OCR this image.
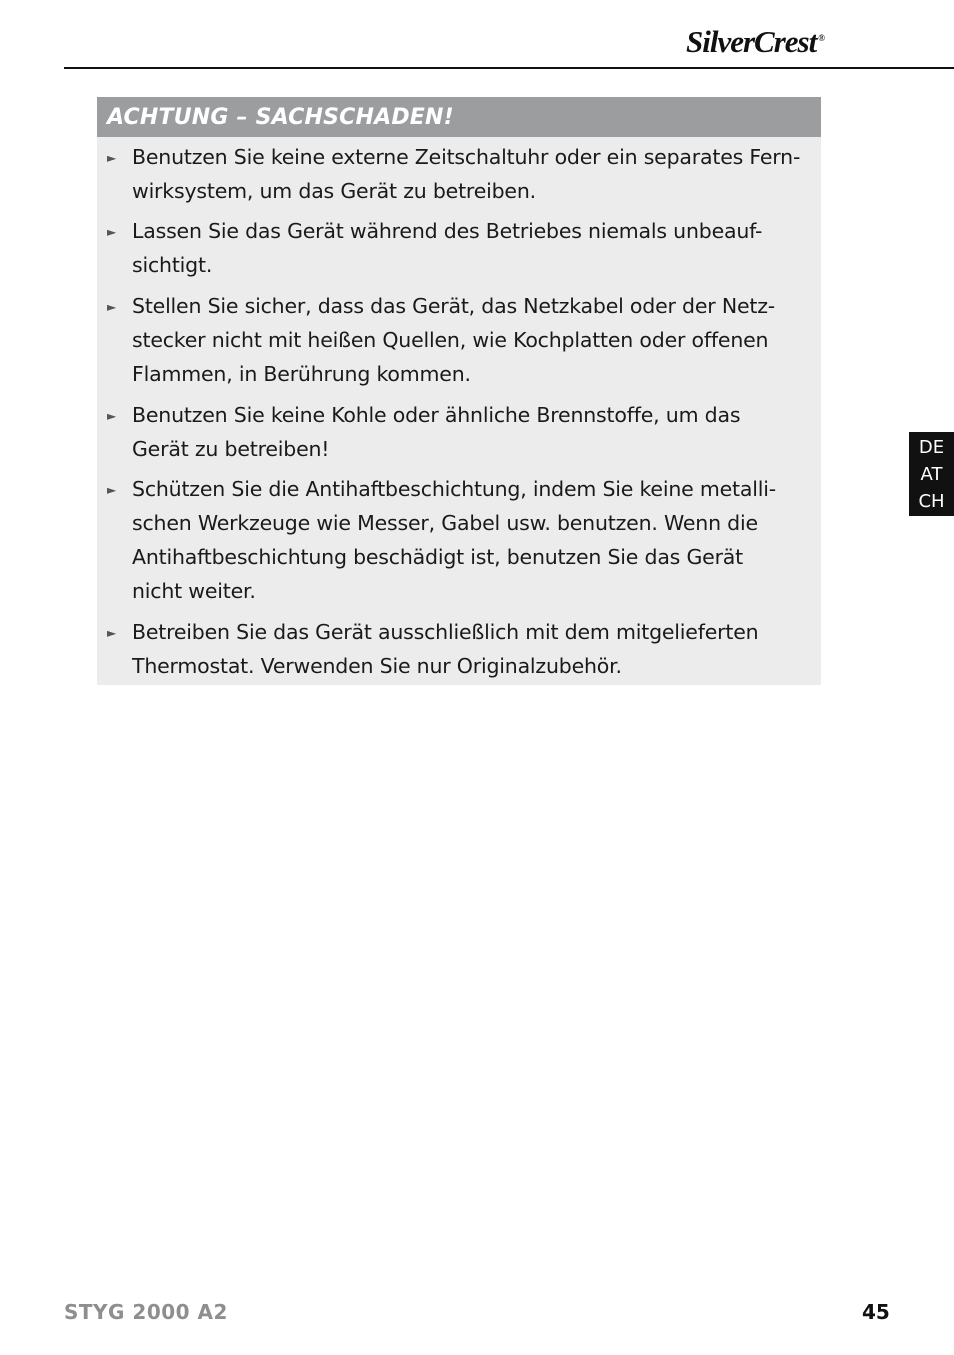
SilverCrest ®
ACHTUNG – SACHSCHADEN!
► Benutzen Sie keine externe Zeitschaltuhr oder ein separates Fern-
wirksystem, um das Gerät zu betreiben.
► Lassen Sie das Gerät während des Betriebes niemals unbeauf-
sichtigt.
► Stellen Sie sicher, dass das Gerät, das Netzkabel oder der Netz-
stecker nicht mit heißen Quellen, wie Kochplatten oder offenen
Flammen, in Berührung kommen.
► Benutzen Sie keine Kohle oder ähnliche Brennstoffe, um das
Gerät zu betreiben!
► Schützen Sie die Antihaftbeschichtung, indem Sie keine metalli-
schen Werkzeuge wie Messer, Gabel usw. benutzen. Wenn die
Antihaftbeschichtung beschädigt ist, benutzen Sie das Gerät
nicht weiter.
► Betreiben Sie das Gerät ausschließlich mit dem mitgelieferten
Thermostat. Verwenden Sie nur Originalzubehör.
DE
AT
CH
STYG 2000 A2	45
